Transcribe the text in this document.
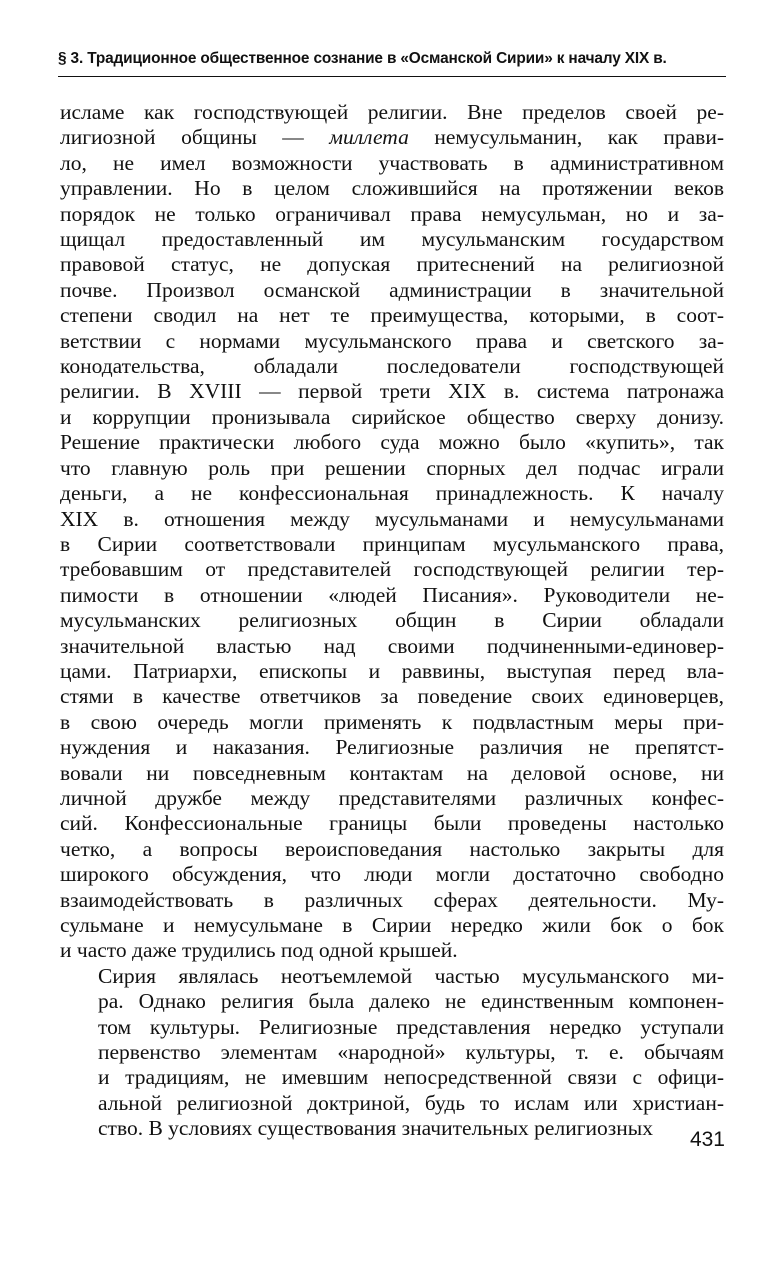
§ 3. Традиционное общественное сознание в «Османской Сирии» к началу XIX в.

исламе как господствующей религии. Вне пределов своей ре-
лигиозной общины — миллета немусульманин, как прави-
ло, не имел возможности участвовать в административном
управлении. Но в целом сложившийся на протяжении веков
порядок не только ограничивал права немусульман, но и за-
щищал предоставленный им мусульманским государством
правовой статус, не допуская притеснений на религиозной
почве. Произвол османской администрации в значительной
степени сводил на нет те преимущества, которыми, в соот-
ветствии с нормами мусульманского права и светского за-
конодательства, обладали последователи господствующей
религии. В XVIII — первой трети XIX в. система патронажа
и коррупции пронизывала сирийское общество сверху донизу.
Решение практически любого суда можно было «купить», так
что главную роль при решении спорных дел подчас играли
деньги, а не конфессиональная принадлежность. К началу
XIX в. отношения между мусульманами и немусульманами
в Сирии соответствовали принципам мусульманского права,
требовавшим от представителей господствующей религии тер-
пимости в отношении «людей Писания». Руководители не-
мусульманских религиозных общин в Сирии обладали
значительной властью над своими подчиненными-единовер-
цами. Патриархи, епископы и раввины, выступая перед вла-
стями в качестве ответчиков за поведение своих единоверцев,
в свою очередь могли применять к подвластным меры при-
нуждения и наказания. Религиозные различия не препятст-
вовали ни повседневным контактам на деловой основе, ни
личной дружбе между представителями различных конфес-
сий. Конфессиональные границы были проведены настолько
четко, а вопросы вероисповедания настолько закрыты для
широкого обсуждения, что люди могли достаточно свободно
взаимодействовать в различных сферах деятельности. Му-
сульмане и немусульмане в Сирии нередко жили бок о бок
и часто даже трудились под одной крышей.

Сирия являлась неотъемлемой частью мусульманского ми-
ра. Однако религия была далеко не единственным компонен-
том культуры. Религиозные представления нередко уступали
первенство элементам «народной» культуры, т. е. обычаям
и традициям, не имевшим непосредственной связи с офици-
альной религиозной доктриной, будь то ислам или христиан-
ство. В условиях существования значительных религиозных	431
